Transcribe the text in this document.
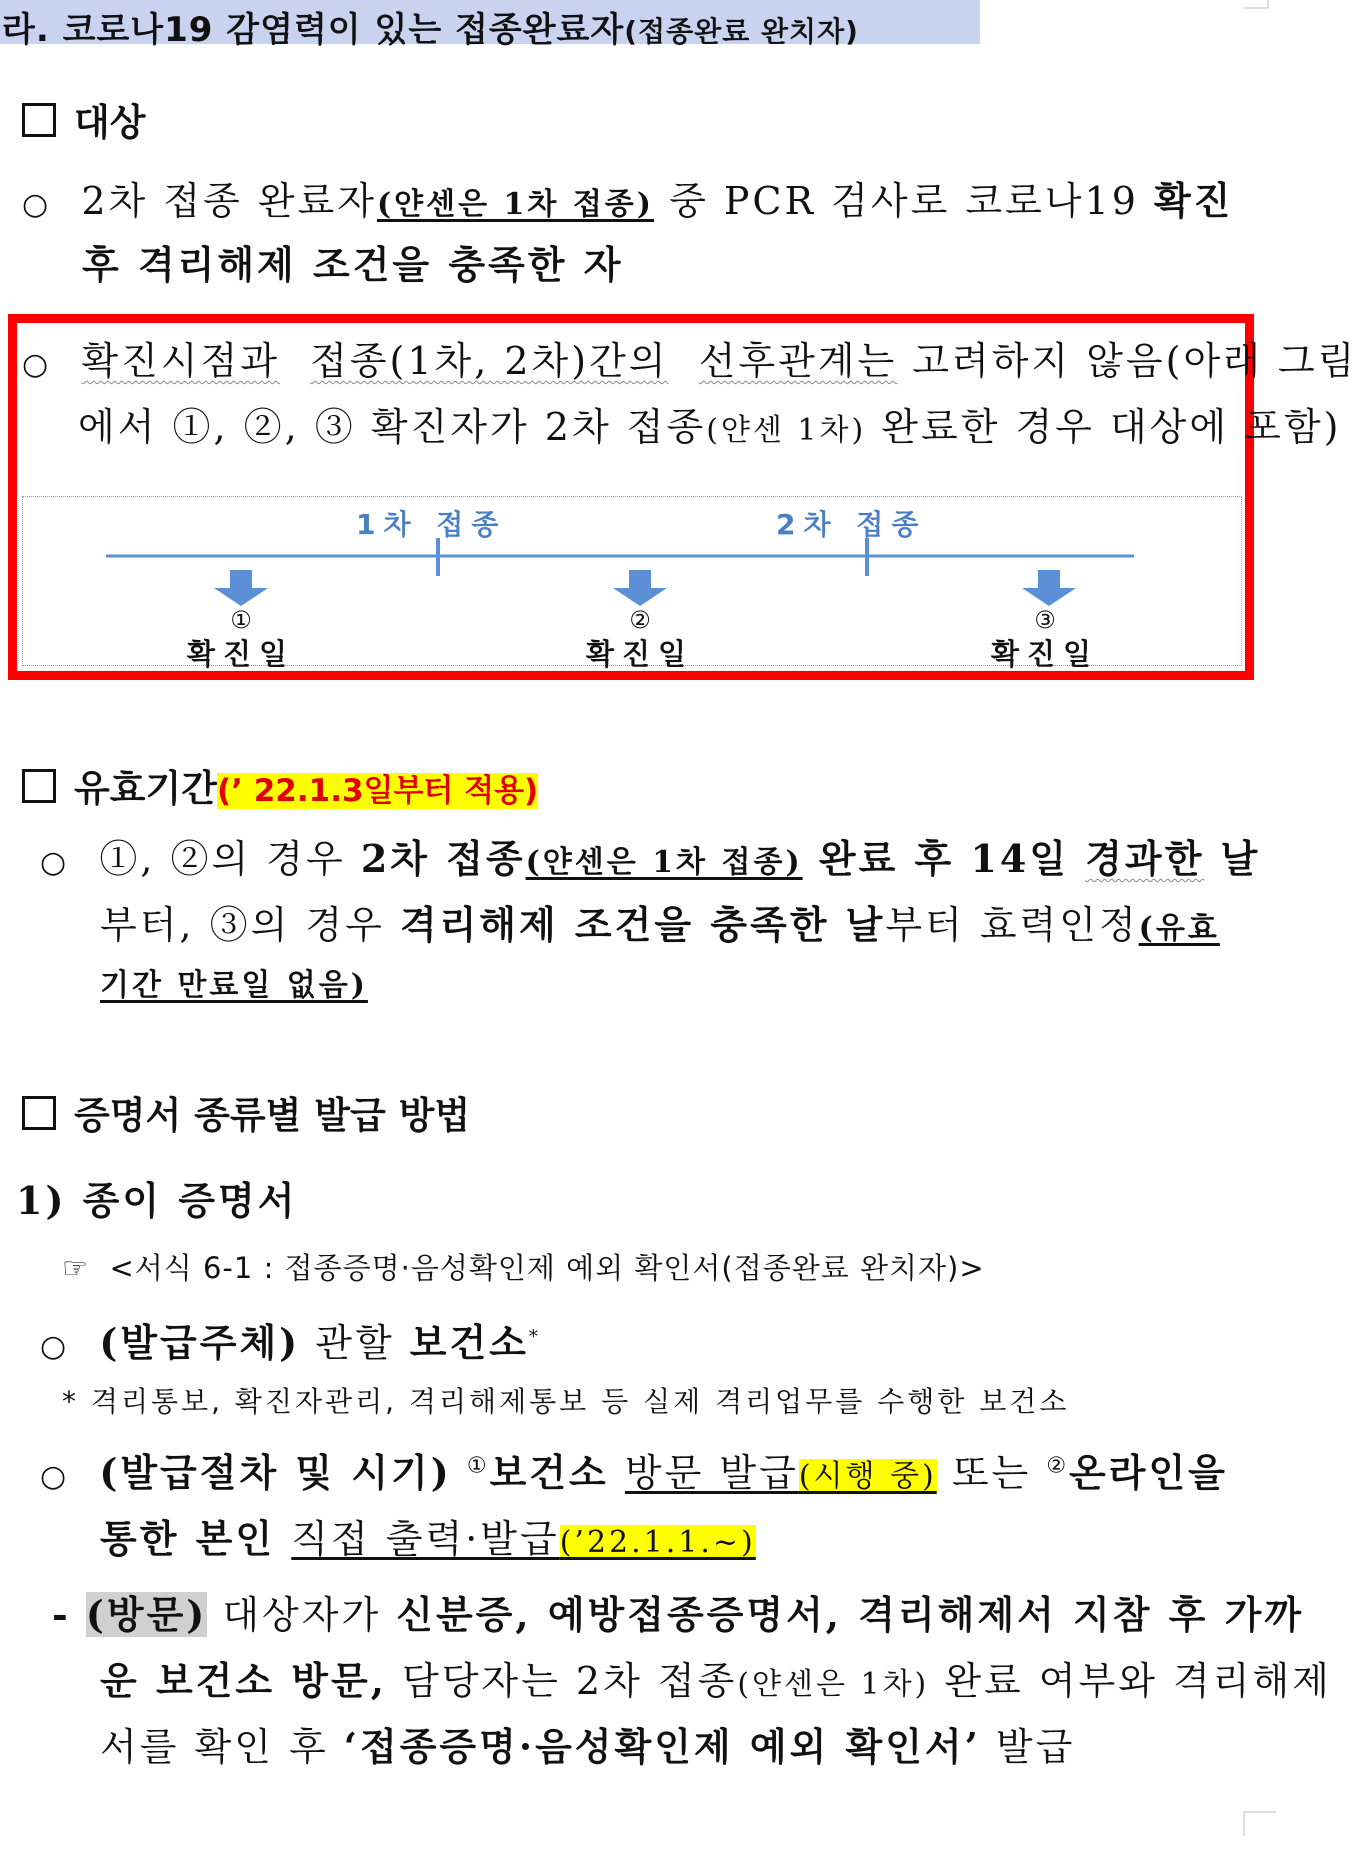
라. 코로나19 감염력이 있는 접종완료자(접종완료 완치자)
대상
○ 2차 접종 완료자(얀센은 1차 접종) 중 PCR 검사로 코로나19 확진
후 격리해제 조건을 충족한 자
○ 확진시점과 접종(1차, 2차)간의 선후관계는 고려하지 않음(아래 그림
에서 ①, ②, ③ 확진자가 2차 접종(얀센 1차) 완료한 경우 대상에 포함)
1차 접종	2차 접종
①
확진일
②
확진일
③
확진일
유효기간(’ 22.1.3일부터 적용)
○ ①, ②의 경우 2차 접종(얀센은 1차 접종) 완료 후 14일 경과한 날
부터, ③의 경우 격리해제 조건을 충족한 날부터 효력인정(유효
기간 만료일 없음)
증명서 종류별 발급 방법
1) 종이 증명서
☞ <서식 6-1 : 접종증명·음성확인제 예외 확인서(접종완료 완치자)>
○ (발급주체) 관할 보건소*
* 격리통보, 확진자관리, 격리해제통보 등 실제 격리업무를 수행한 보건소
○ (발급절차 및 시기) ①보건소 방문 발급(시행 중) 또는 ②온라인을
통한 본인 직접 출력·발급(’22.1.1.~)
- (방문) 대상자가 신분증, 예방접종증명서, 격리해제서 지참 후 가까
운 보건소 방문, 담당자는 2차 접종(얀센은 1차) 완료 여부와 격리해제
서를 확인 후 ‘접종증명·음성확인제 예외 확인서’ 발급
